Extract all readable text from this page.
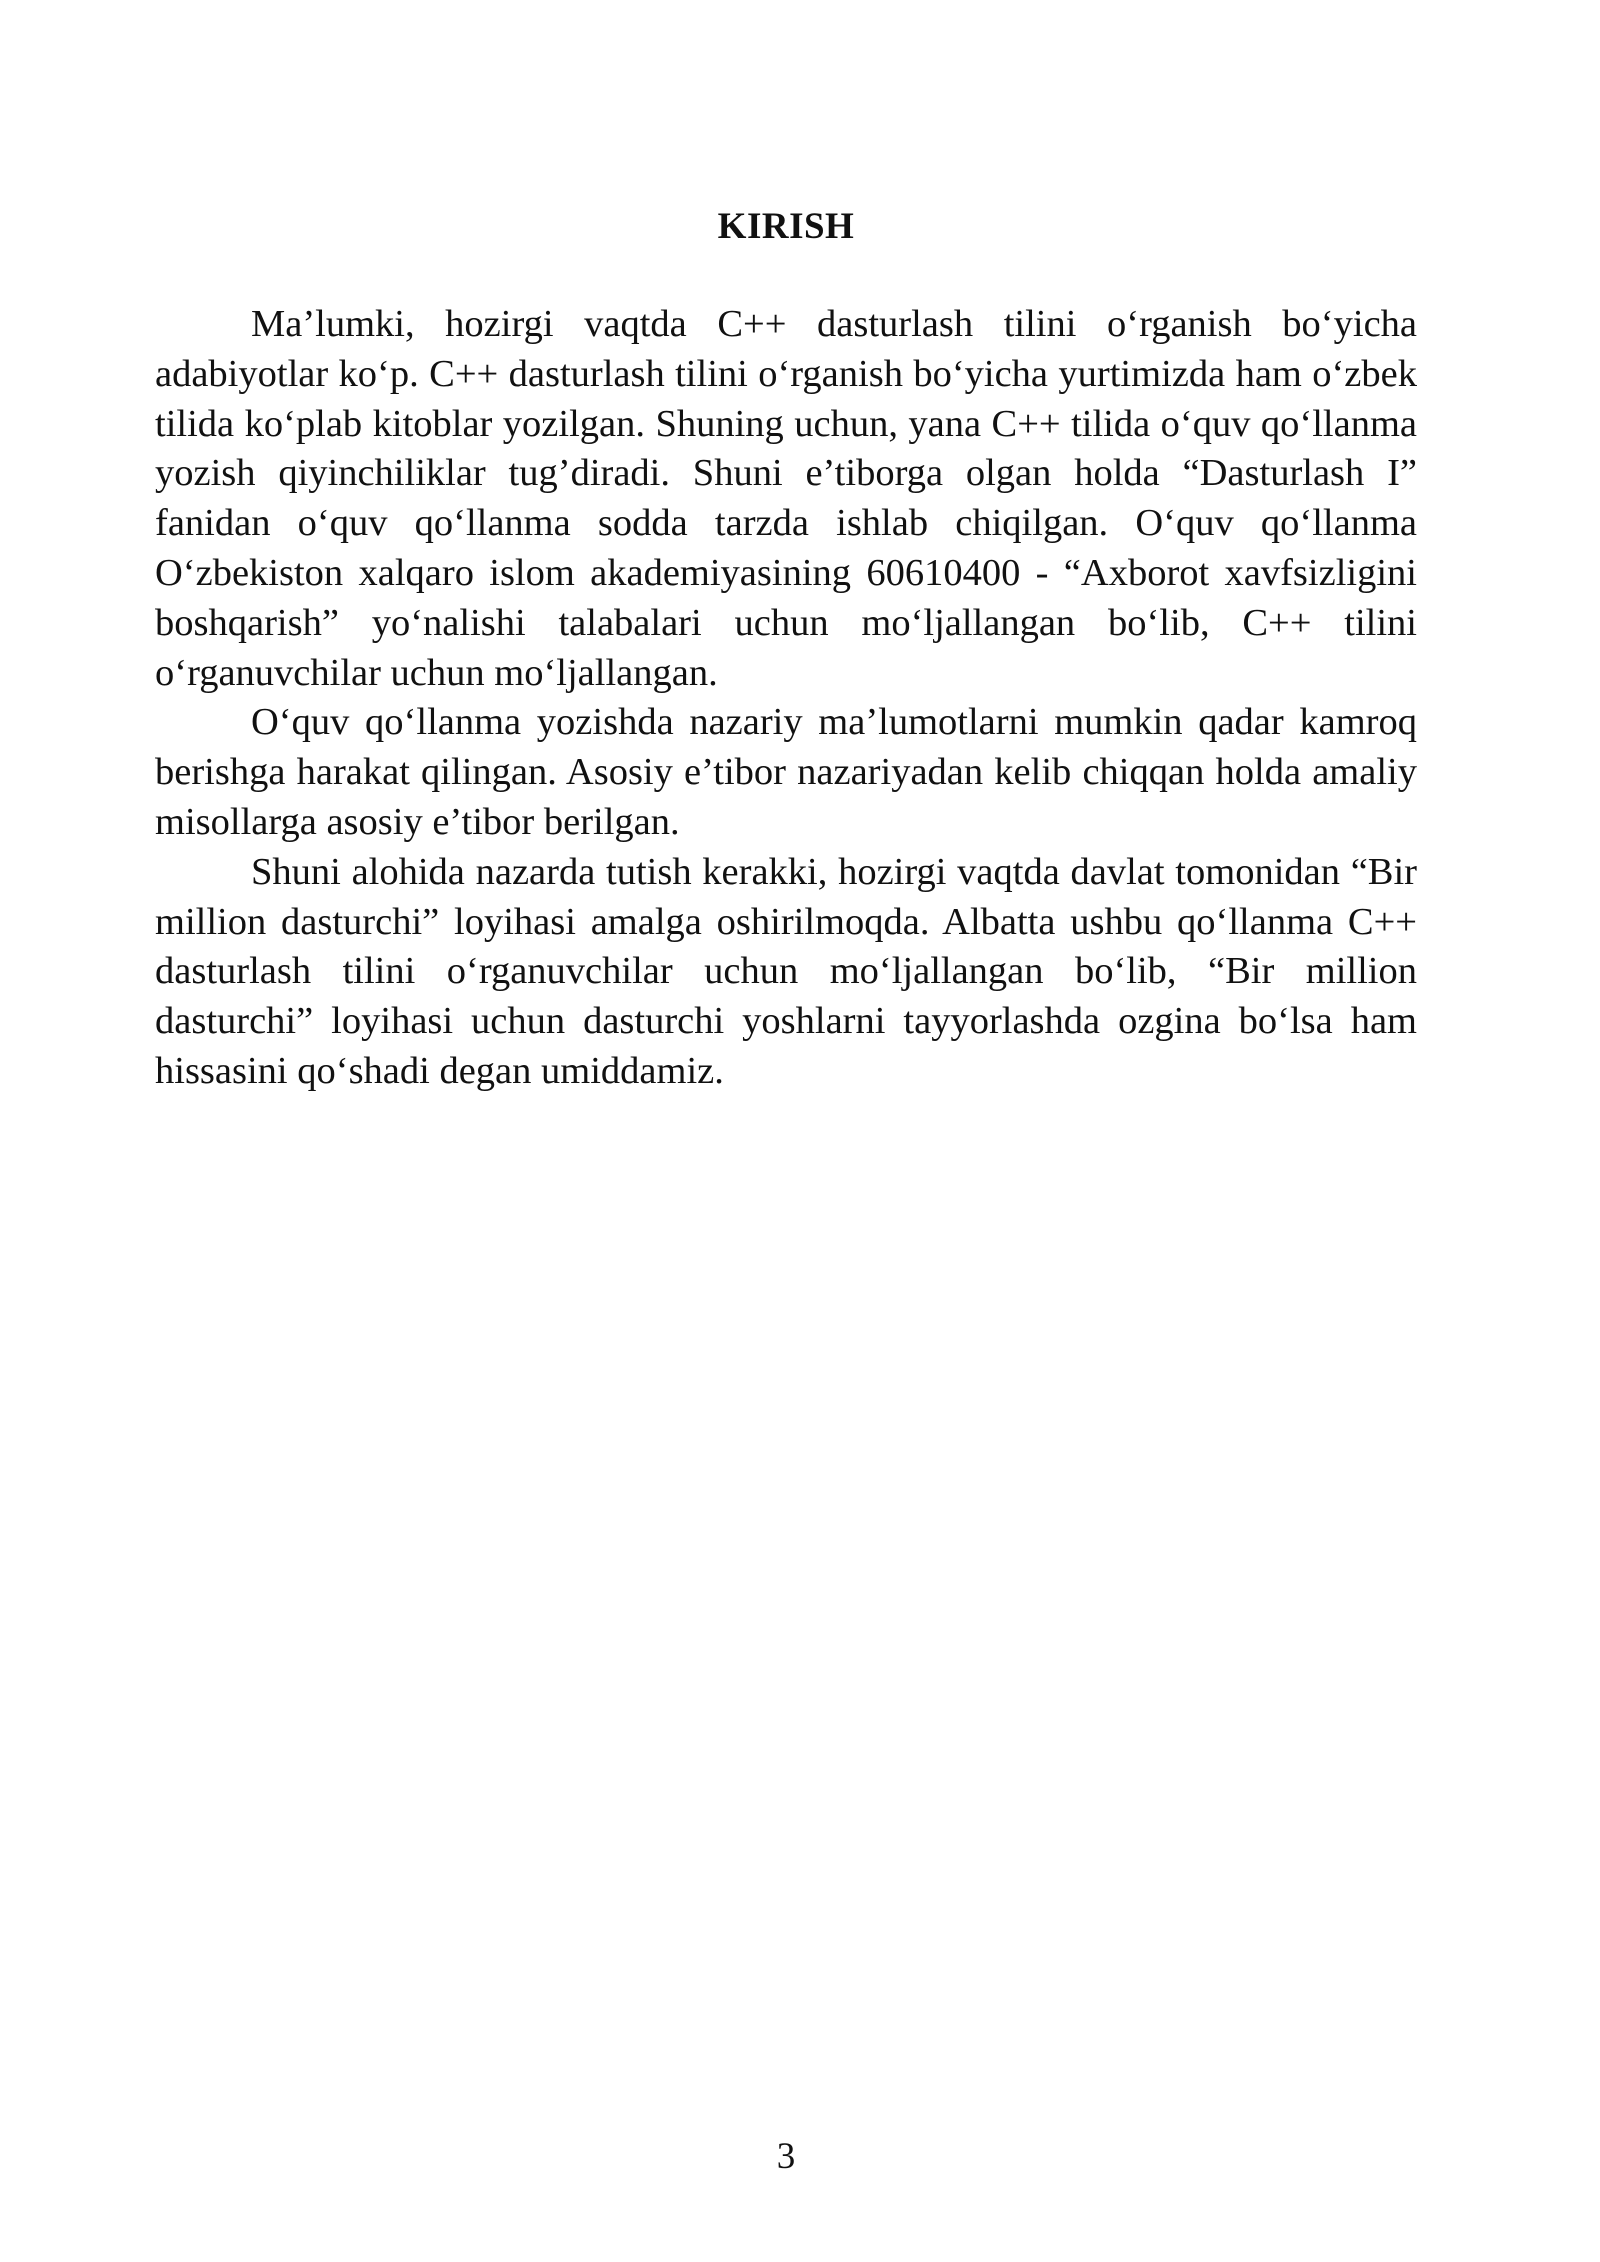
KIRISH

Ma’lumki, hozirgi vaqtda C++ dasturlash tilini o‘rganish bo‘yicha adabiyotlar ko‘p. C++ dasturlash tilini o‘rganish bo‘yicha yurtimizda ham o‘zbek tilida ko‘plab kitoblar yozilgan. Shuning uchun, yana C++ tilida o‘quv qo‘llanma yozish qiyinchiliklar tug’diradi. Shuni e’tiborga olgan holda “Dasturlash I” fanidan o‘quv qo‘llanma sodda tarzda ishlab chiqilgan. O‘quv qo‘llanma O‘zbekiston xalqaro islom akademiyasining 60610400 - “Axborot xavfsizligini boshqarish” yo‘nalishi talabalari uchun mo‘ljallangan bo‘lib, C++ tilini o‘rganuvchilar uchun mo‘ljallangan.

O‘quv qo‘llanma yozishda nazariy ma’lumotlarni mumkin qadar kamroq berishga harakat qilingan. Asosiy e’tibor nazariyadan kelib chiqqan holda amaliy misollarga asosiy e’tibor berilgan.

Shuni alohida nazarda tutish kerakki, hozirgi vaqtda davlat tomonidan “Bir million dasturchi” loyihasi amalga oshirilmoqda. Albatta ushbu qo‘llanma C++ dasturlash tilini o‘rganuvchilar uchun mo‘ljallangan bo‘lib, “Bir million dasturchi” loyihasi uchun dasturchi yoshlarni tayyorlashda ozgina bo‘lsa ham hissasini qo‘shadi degan umiddamiz.

3
